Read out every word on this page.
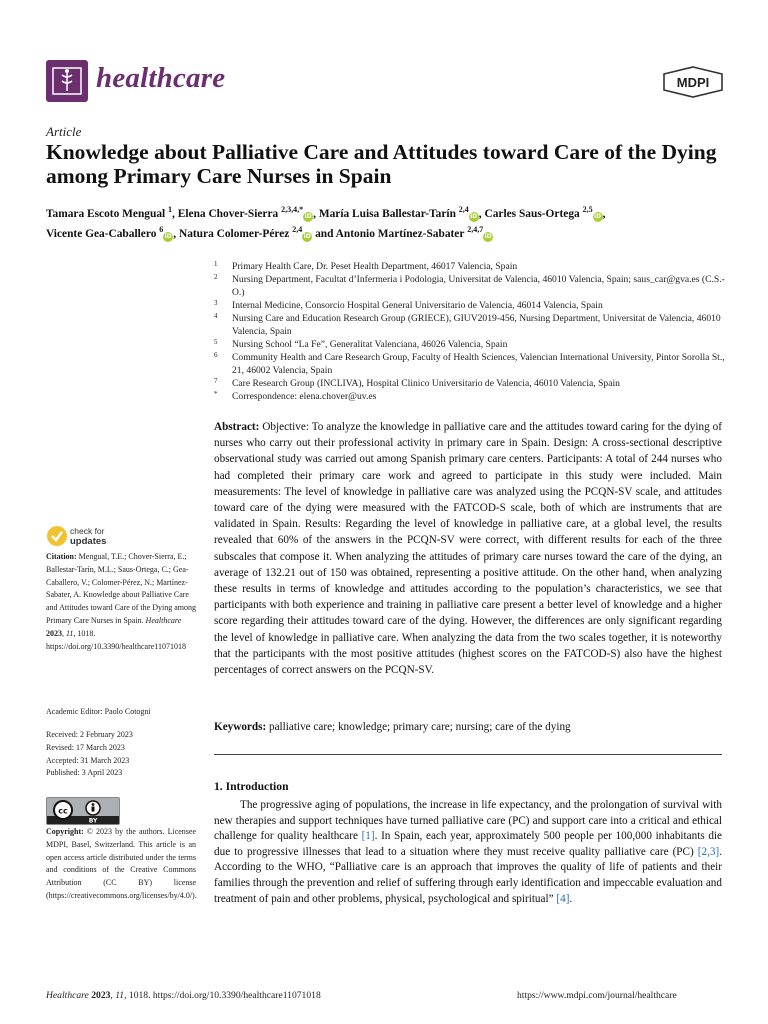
healthcare	MDPI
Article
Knowledge about Palliative Care and Attitudes toward Care of the Dying among Primary Care Nurses in Spain
Tamara Escoto Mengual $^1$, Elena Chover-Sierra $^{2,3,4,*}$iD, María Luisa Ballestar-Tarín $^{2,4}$iD, Carles Saus-Ortega $^{2,5}$iD,
Vicente Gea-Caballero $^6$iD, Natura Colomer-Pérez $^{2,4}$iD and Antonio Martínez-Sabater $^{2,4,7}$iD
1 Primary Health Care, Dr. Peset Health Department, 46017 Valencia, Spain
2 Nursing Department, Facultat d’Infermeria i Podologia, Universitat de Valencia, 46010 Valencia, Spain; saus_car@gva.es (C.S.-O.)
3 Internal Medicine, Consorcio Hospital General Universitario de Valencia, 46014 Valencia, Spain
4 Nursing Care and Education Research Group (GRIECE), GIUV2019-456, Nursing Department, Universitat de Valencia, 46010 Valencia, Spain
5 Nursing School “La Fe”, Generalitat Valenciana, 46026 Valencia, Spain
6 Community Health and Care Research Group, Faculty of Health Sciences, Valencian International University, Pintor Sorolla St., 21, 46002 Valencia, Spain
7 Care Research Group (INCLIVA), Hospital Clinico Universitario de Valencia, 46010 Valencia, Spain
* Correspondence: elena.chover@uv.es
Abstract: Objective: To analyze the knowledge in palliative care and the attitudes toward caring for the dying of nurses who carry out their professional activity in primary care in Spain. Design: A cross-sectional descriptive observational study was carried out among Spanish primary care centers. Participants: A total of 244 nurses who had completed their primary care work and agreed to participate in this study were included. Main measurements: The level of knowledge in palliative care was analyzed using the PCQN-SV scale, and attitudes toward care of the dying were measured with the FATCOD-S scale, both of which are instruments that are validated in Spain. Results: Regarding the level of knowledge in palliative care, at a global level, the results revealed that 60% of the answers in the PCQN-SV were correct, with different results for each of the three subscales that compose it. When analyzing the attitudes of primary care nurses toward the care of the dying, an average of 132.21 out of 150 was obtained, representing a positive attitude. On the other hand, when analyzing these results in terms of knowledge and attitudes according to the population’s characteristics, we see that participants with both experience and training in palliative care present a better level of knowledge and a higher score regarding their attitudes toward care of the dying. However, the differences are only significant regarding the level of knowledge in palliative care. When analyzing the data from the two scales together, it is noteworthy that the participants with the most positive attitudes (highest scores on the FATCOD-S) also have the highest percentages of correct answers on the PCQN-SV.
Keywords: palliative care; knowledge; primary care; nursing; care of the dying
1. Introduction
The progressive aging of populations, the increase in life expectancy, and the prolongation of survival with new therapies and support techniques have turned palliative care (PC) and support care into a critical and ethical challenge for quality healthcare [1]. In Spain, each year, approximately 500 people per 100,000 inhabitants die due to progressive illnesses that lead to a situation where they must receive quality palliative care (PC) [2,3]. According to the WHO, “Palliative care is an approach that improves the quality of life of patients and their families through the prevention and relief of suffering through early identification and impeccable evaluation and treatment of pain and other problems, physical, psychological and spiritual” [4].
check for
updates
Citation: Mengual, T.E.; Chover-Sierra, E.; Ballestar-Tarín, M.L.; Saus-Ortega, C.; Gea-Caballero, V.; Colomer-Pérez, N.; Martínez-Sabater, A. Knowledge about Palliative Care and Attitudes toward Care of the Dying among Primary Care Nurses in Spain. Healthcare 2023, 11, 1018. https://doi.org/10.3390/healthcare11071018
Academic Editor: Paolo Cotogni
Received: 2 February 2023
Revised: 17 March 2023
Accepted: 31 March 2023
Published: 3 April 2023
cc
BY
Copyright: © 2023 by the authors. Licensee MDPI, Basel, Switzerland. This article is an open access article distributed under the terms and conditions of the Creative Commons Attribution (CC BY) license (https://creativecommons.org/licenses/by/4.0/).
Healthcare 2023, 11, 1018. https://doi.org/10.3390/healthcare11071018	https://www.mdpi.com/journal/healthcare
